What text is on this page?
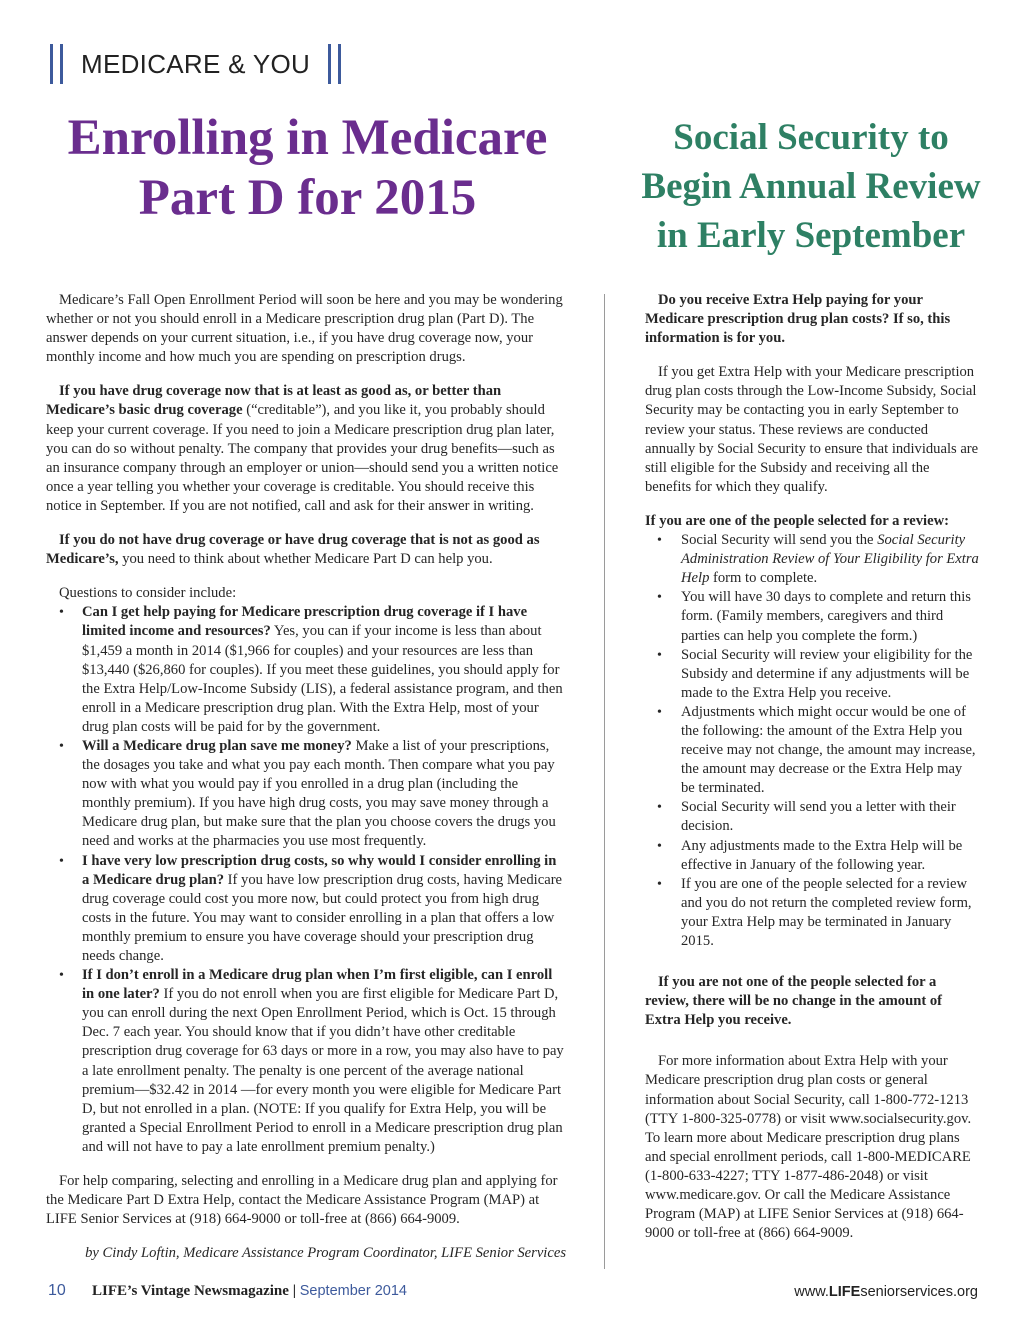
MEDICARE & YOU
Enrolling in Medicare
Part D for 2015
Social Security to
Begin Annual Review
in Early September

Medicare’s Fall Open Enrollment Period will soon be here and you may be wondering whether or not you should enroll in a Medicare prescription drug plan (Part D). The answer depends on your current situation, i.e., if you have drug coverage now, your monthly income and how much you are spending on prescription drugs.

If you have drug coverage now that is at least as good as, or better than Medicare’s basic drug coverage (“creditable”), and you like it, you probably should keep your current coverage. If you need to join a Medicare prescription drug plan later, you can do so without penalty. The company that provides your drug benefits—such as an insurance company through an employer or union—should send you a written notice once a year telling you whether your coverage is creditable. You should receive this notice in September. If you are not notified, call and ask for their answer in writing.

If you do not have drug coverage or have drug coverage that is not as good as Medicare’s, you need to think about whether Medicare Part D can help you.

Questions to consider include:

• Can I get help paying for Medicare prescription drug coverage if I have limited income and resources? Yes, you can if your income is less than about $1,459 a month in 2014 ($1,966 for couples) and your resources are less than $13,440 ($26,860 for couples). If you meet these guidelines, you should apply for the Extra Help/Low-Income Subsidy (LIS), a federal assistance program, and then enroll in a Medicare prescription drug plan. With the Extra Help, most of your drug plan costs will be paid for by the government.
• Will a Medicare drug plan save me money? Make a list of your prescriptions, the dosages you take and what you pay each month. Then compare what you pay now with what you would pay if you enrolled in a drug plan (including the monthly premium). If you have high drug costs, you may save money through a Medicare drug plan, but make sure that the plan you choose covers the drugs you need and works at the pharmacies you use most frequently.
• I have very low prescription drug costs, so why would I consider enrolling in a Medicare drug plan? If you have low prescription drug costs, having Medicare drug coverage could cost you more now, but could protect you from high drug costs in the future. You may want to consider enrolling in a plan that offers a low monthly premium to ensure you have coverage should your prescription drug needs change.
• If I don’t enroll in a Medicare drug plan when I’m first eligible, can I enroll in one later? If you do not enroll when you are first eligible for Medicare Part D, you can enroll during the next Open Enrollment Period, which is Oct. 15 through Dec. 7 each year. You should know that if you didn’t have other creditable prescription drug coverage for 63 days or more in a row, you may also have to pay a late enrollment penalty. The penalty is one percent of the average national premium—$32.42 in 2014 —for every month you were eligible for Medicare Part D, but not enrolled in a plan. (NOTE: If you qualify for Extra Help, you will be granted a Special Enrollment Period to enroll in a Medicare prescription drug plan and will not have to pay a late enrollment premium penalty.)

For help comparing, selecting and enrolling in a Medicare drug plan and applying for the Medicare Part D Extra Help, contact the Medicare Assistance Program (MAP) at LIFE Senior Services at (918) 664-9000 or toll-free at (866) 664-9009.

by Cindy Loftin, Medicare Assistance Program Coordinator, LIFE Senior Services

Do you receive Extra Help paying for your Medicare prescription drug plan costs? If so, this information is for you.

If you get Extra Help with your Medicare prescription drug plan costs through the Low-Income Subsidy, Social Security may be contacting you in early September to review your status. These reviews are conducted annually by Social Security to ensure that individuals are still eligible for the Subsidy and receiving all the benefits for which they qualify.

If you are one of the people selected for a review:
• Social Security will send you the Social Security Administration Review of Your Eligibility for Extra Help form to complete.
• You will have 30 days to complete and return this form. (Family members, caregivers and third parties can help you complete the form.)
• Social Security will review your eligibility for the Subsidy and determine if any adjustments will be made to the Extra Help you receive.
• Adjustments which might occur would be one of the following: the amount of the Extra Help you receive may not change, the amount may increase, the amount may decrease or the Extra Help may be terminated.
• Social Security will send you a letter with their decision.
• Any adjustments made to the Extra Help will be effective in January of the following year.
• If you are one of the people selected for a review and you do not return the completed review form, your Extra Help may be terminated in January 2015.

If you are not one of the people selected for a review, there will be no change in the amount of Extra Help you receive.

For more information about Extra Help with your Medicare prescription drug plan costs or general information about Social Security, call 1-800-772-1213 (TTY 1-800-325-0778) or visit www.socialsecurity.gov. To learn more about Medicare prescription drug plans and special enrollment periods, call 1-800-MEDICARE (1-800-633-4227; TTY 1-877-486-2048) or visit www.medicare.gov. Or call the Medicare Assistance Program (MAP) at LIFE Senior Services at (918) 664-9000 or toll-free at (866) 664-9009.

10 LIFE’s Vintage Newsmagazine | September 2014	www.LIFEseniorservices.org
